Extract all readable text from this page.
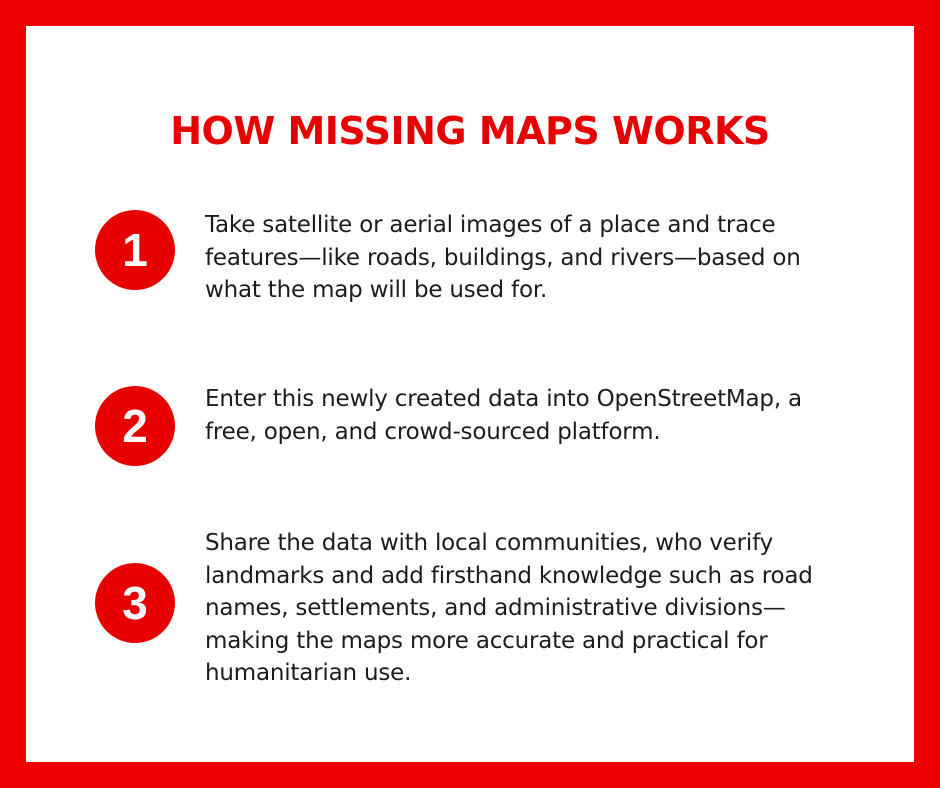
HOW MISSING MAPS WORKS
1	Take satellite or aerial images of a place and trace features—like roads, buildings, and rivers—based on what the map will be used for.

2

Enter this newly created data into OpenStreetMap, a free, open, and crowd-sourced platform.

3

Share the data with local communities, who verify landmarks and add firsthand knowledge such as road names, settlements, and administrative divisions—making the maps more accurate and practical for humanitarian use.
